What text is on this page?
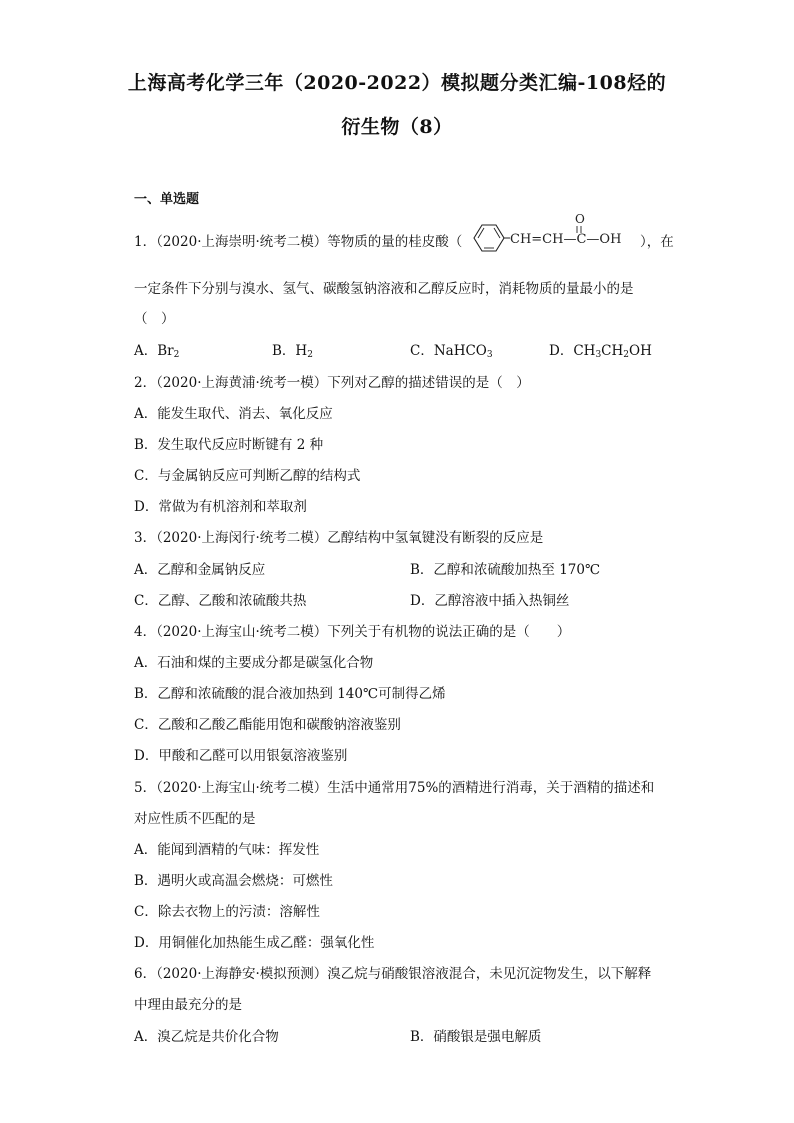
上海高考化学三年（2020-2022）模拟题分类汇编-108烃的
衍生物（8）
一、单选题
1．（2020·上海崇明·统考二模）等物质的量的桂皮酸（	CH=CH—C—OH
O
），在
一定条件下分别与溴水、氢气、碳酸氢钠溶液和乙醇反应时，消耗物质的量最小的是
（　）
A．$Br_2$	B．$H_2$	C．NaHCO$_3$	D．$CH_3CH_2OH$
2．（2020·上海黄浦·统考一模）下列对乙醇的描述错误的是（　）
A．能发生取代、消去、氧化反应
B．发生取代反应时断键有 2 种
C．与金属钠反应可判断乙醇的结构式
D．常做为有机溶剂和萃取剂
3．（2020·上海闵行·统考二模）乙醇结构中氢氧键没有断裂的反应是
A．乙醇和金属钠反应	B．乙醇和浓硫酸加热至 170℃
C．乙醇、乙酸和浓硫酸共热	D．乙醇溶液中插入热铜丝
4．（2020·上海宝山·统考二模）下列关于有机物的说法正确的是（　　）
A．石油和煤的主要成分都是碳氢化合物
B．乙醇和浓硫酸的混合液加热到 140℃可制得乙烯
C．乙酸和乙酸乙酯能用饱和碳酸钠溶液鉴别
D．甲酸和乙醛可以用银氨溶液鉴别
5．（2020·上海宝山·统考二模）生活中通常用75%的酒精进行消毒，关于酒精的描述和
对应性质不匹配的是
A．能闻到酒精的气味：挥发性
B．遇明火或高温会燃烧：可燃性
C．除去衣物上的污渍：溶解性
D．用铜催化加热能生成乙醛：强氧化性
6．（2020·上海静安·模拟预测）溴乙烷与硝酸银溶液混合，未见沉淀物发生，以下解释
中理由最充分的是
A．溴乙烷是共价化合物	B．硝酸银是强电解质
